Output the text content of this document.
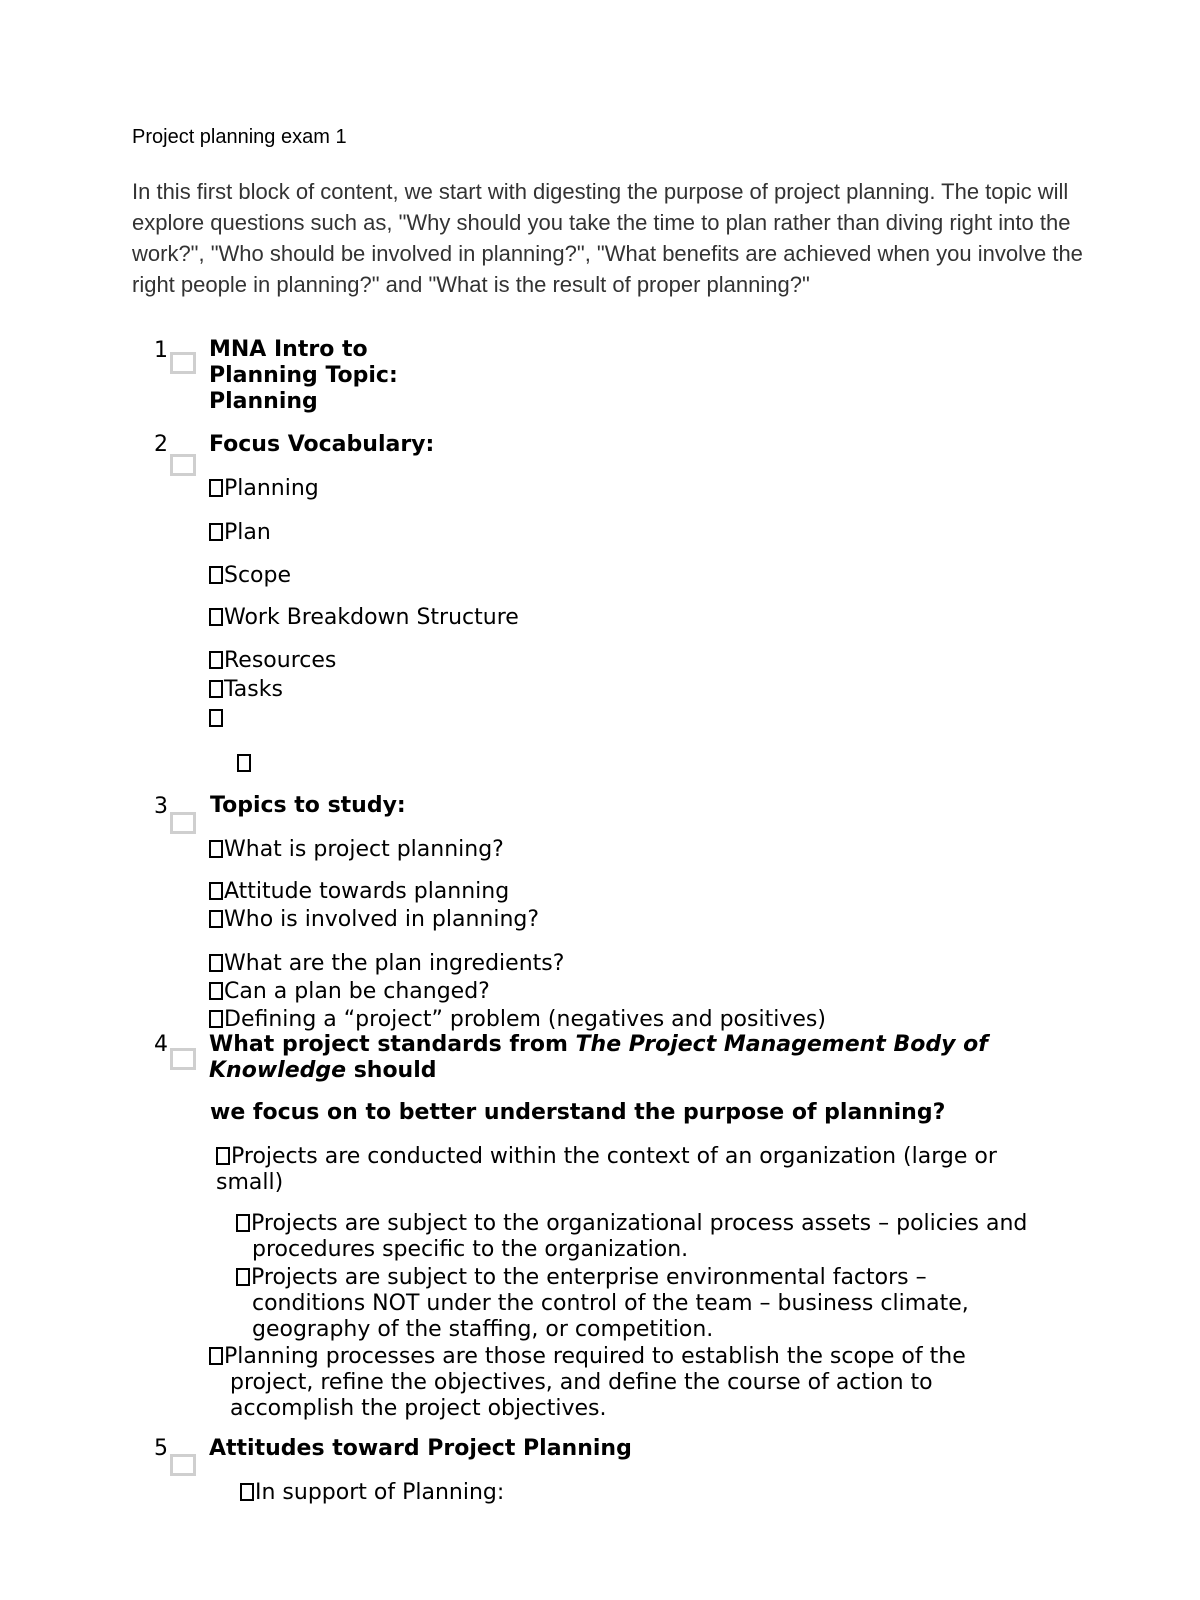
Project planning exam 1
In this first block of content, we start with digesting the purpose of project planning. The topic will explore questions such as, "Why should you take the time to plan rather than diving right into the work?", "Who should be involved in planning?", "What benefits are achieved when you involve the right people in planning?" and "What is the result of proper planning?"
1 MNA Intro to
Planning Topic:
Planning
2 Focus Vocabulary:
Planning
Plan
Scope
Work Breakdown Structure
Resources
Tasks
3 Topics to study:
What is project planning?
Attitude towards planning
Who is involved in planning?
What are the plan ingredients?
Can a plan be changed?
Defining a “project” problem (negatives and positives)
4 What project standards from The Project Management Body of Knowledge should
we focus on to better understand the purpose of planning?
Projects are conducted within the context of an organization (large or small)
Projects are subject to the organizational process assets – policies and procedures specific to the organization.
Projects are subject to the enterprise environmental factors – conditions NOT under the control of the team – business climate, geography of the staffing, or competition.
Planning processes are those required to establish the scope of the project, refine the objectives, and define the course of action to accomplish the project objectives.
5 Attitudes toward Project Planning
In support of Planning:
